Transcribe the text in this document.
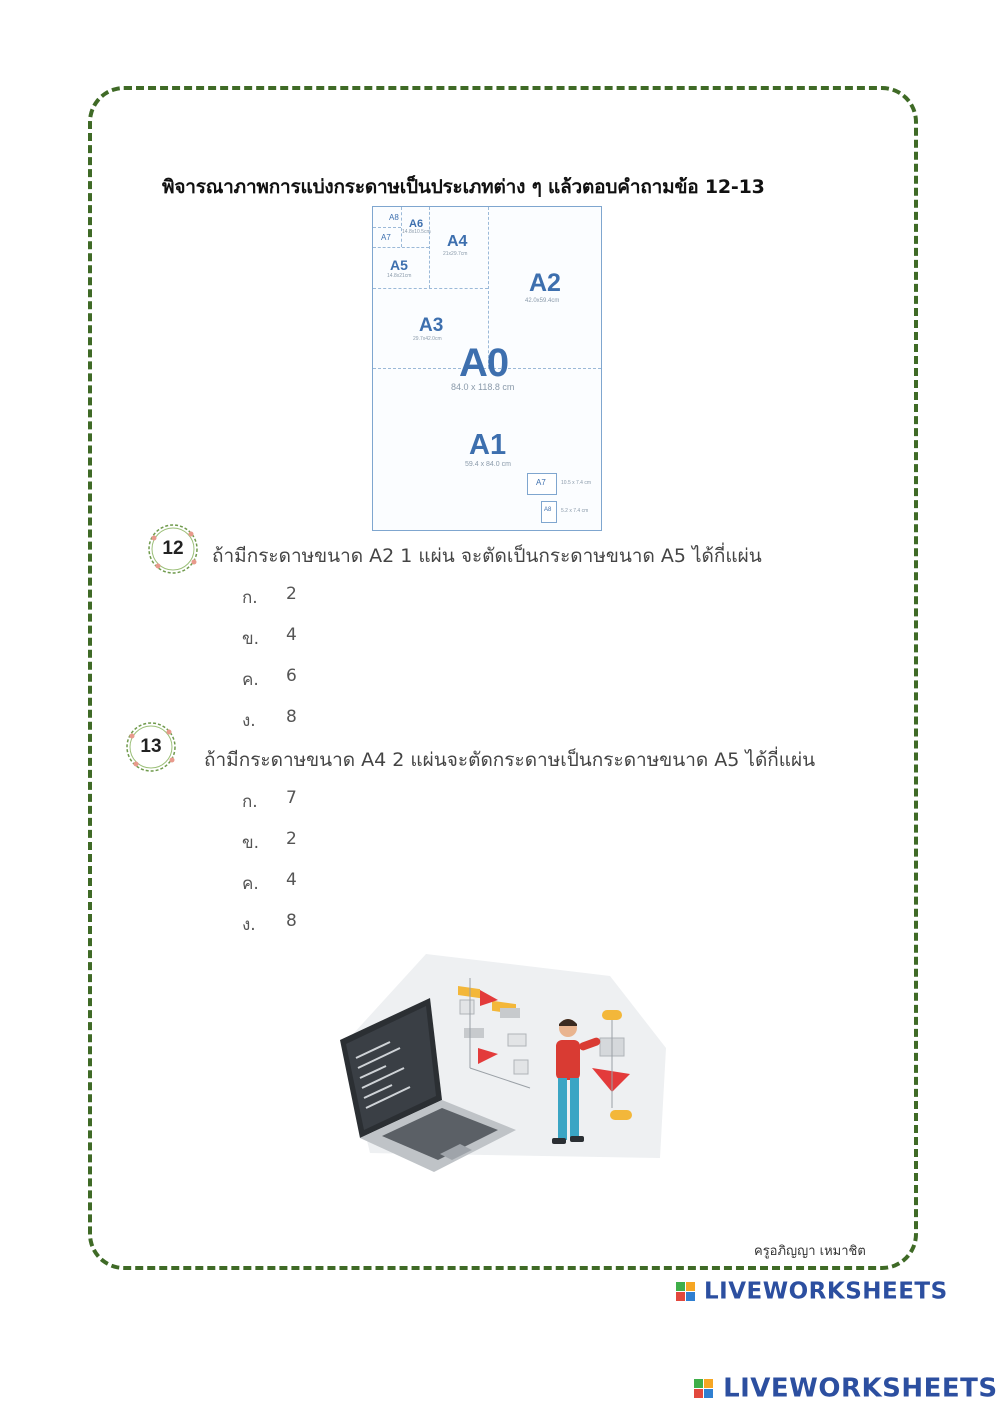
พิจารณาภาพการแบ่งกระดาษเป็นประเภทต่าง ๆ แล้วตอบคำถามข้อ 12-13
A8
A7
A6
14.8x10.5cm
A5
14.8x21cm
A4
21x29.7cm
A3
29.7x42.0cm
A2
42.0x59.4cm
A0
84.0 x 118.8 cm
A1
59.4 x 84.0 cm
A7	10.5 x 7.4 cm
A8 5.2 x 7.4 cm
12	ถ้ามีกระดาษขนาด A2 1 แผ่น จะตัดเป็นกระดาษขนาด A5 ได้กี่แผ่น
ก. 2
ข. 4
ค. 6
ง. 8
13
ถ้ามีกระดาษขนาด A4 2 แผ่นจะตัดกระดาษเป็นกระดาษขนาด A5 ได้กี่แผ่น
ก. 7
ข. 2
ค. 4
ง. 8
ครูอภิญญา เหมาชิต
LIVEWORKSHEETS
LIVEWORKSHEETS
